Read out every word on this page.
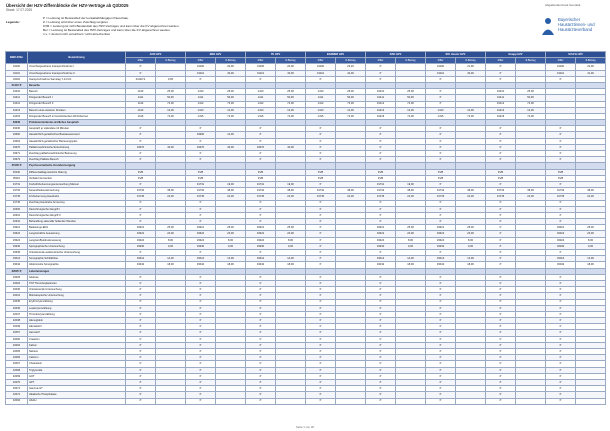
Übersicht der HZV-Ziffernblöcke der HZV-Verträge ab Q3/2025
Stand: 17.07.2025
Abgabestand laut Gematik
Legende:
P = Leistung ist Bestandteil der kontaktabhängigen Pauschale.
Z = Leistung wird über einen Zuschlag vergütet.
KVB = Leistung ist nicht Bestandteil des HZV-Vertrages und kann über die KV abgerechnet werden.
Ber = Leistung ist Bestandteil des HZV-Vertrages und kann über die KV abgerechnet werden.
n.v. = derzeit nicht vereinbart / nicht abrechenbar
Bayerischer
Hausärztinnen- und
Hausärzteverband
EBM-Ziffer	Bezeichnung	AOK HZV		BKK HZV		TK HZV		BARMER HZV		DAK HZV		IKK classic HZV		Knapp HZV		SVLFG HZV	
		Ziffer	€-Betrag	Ziffer	€-Betrag	Ziffer	€-Betrag	Ziffer	€-Betrag	Ziffer	€-Betrag	Ziffer	€-Betrag	Ziffer	€-Betrag	Ziffer	€-Betrag
01100	Unvorhergesehene Inanspruchnahme I	P		01100	20,00	01100	20,00	01100	23,20	P		01100	21,00	P		01100	22,00
01101	Unvorhergesehene Inanspruchnahme II	P		01101	40,00	01101	40,00	01101	42,00	P		01101	40,00	P		01101	41,00
01102	Inanspruchnahme Samstag 7-14 Uhr	01102 S	9,65	P		P		P		P		P		P		P	
01410 ff	Besuche																
01410	Besuch	1410	25,00	1410	25,00	1410	25,00	1410	25,00	01410	25,00	P		01410	25,00		
01411	Dringender Besuch I	1411	50,00	1411	50,00	1411	50,00	1411	50,00	01411	50,00	P		01411	50,00		
01412	Dringender Besuch II	1412	72,00	1412	72,00	1412	72,00	1412	72,00	01412	72,00	P		01412	72,00		
01413	Besuch eines weiteren Kranken	1413	12,00	1413	12,00	1413	12,00	1413	12,00	01413	12,00	1413	12,00	01413	12,00		
01415	Dringender Besuch in beschützenden Wohnheimen	1415	72,00	1415	72,00	1415	72,00	1415	72,00	01415	72,00	1415	72,00	01415	72,00		
03230	Problemorientiertes ärztliches Gespräch																
03230	Gespräch je vollendete 10 Minuten	P		P		P		P		P		P		P		P	
03360	Hausärztlich-geriatrisches Basisassessment	P		03360	14,00	P		P		P		P		P		P	
03362	Hausärztlich-geriatrischer Betreuungsplan	P		P		P		P		P		P		P		P	
03370	Palliativmedizinische Ersterhebung	03370	40,00	03370	40,00	03370	40,00	P		P		P		P		P	
03371	Zuschlag palliativmedizinische Betreuung	P		P		P		P		P		P		P		P	
03372	Zuschlag Palliativ-Besuch	P		P		P		P		P		P		P		P	
35100 ff	Psychosomatische Grundversorgung																
35100	Differentialdiagnostische Klärung	KVB		KVB		KVB		KVB		KVB		KVB		KVB		KVB	
35110	Verbale Intervention	KVB		KVB		KVB		KVB		KVB		KVB		KVB		KVB	
01731	Krebsfrüherkennungsuntersuchung Männer	P		01731	19,00	01731	19,00	P		01731	19,00	P		P		P	
01732	Gesundheitsuntersuchung	01732	38,00	01732	38,00	01732	38,00	01732	38,00	01732	38,00	01732	38,00	01732	38,00	01732	38,00
01745	Früherkennung Hautkrebs	01745	24,00	01745	24,00	01745	24,00	01745	24,00	01745	24,00	01745	24,00	01745	24,00	01745	24,00
01746	Zuschlag Hautkrebs-Screening	P		P		P		P		P		P		P		P	
02300	Kleinchirurgischer Eingriff I	P		P		P		P		P		P		P		P	
02301	Kleinchirurgischer Eingriff II	P		P		P		P		P		P		P		P	
02310	Behandlung sekundär heilender Wunden	P		P		P		P		P		P		P		P	
03321	Belastungs-EKG	03321	25,00	03321	25,00	03321	25,00	P		03321	25,00	03321	25,00	P		03321	25,00
03322	Langzeit-EKG Auswertung	03322	20,00	03322	20,00	03322	20,00	P		03322	20,00	03322	20,00	P		03322	20,00
03324	Langzeit-Blutdruckmessung	03324	8,00	03324	8,00	03324	8,00	P		03324	8,00	03324	8,00	P		03324	8,00
03330	Spirographische Untersuchung	03330	9,00	03330	9,00	03330	9,00	P		03330	9,00	03330	9,00	P		03330	9,00
03335	Orientierende audiometrische Untersuchung	P		P		P		P		P		P		P		P	
33012	Sonographie Schilddrüse	33012	14,00	33012	14,00	33012	14,00	P		33012	14,00	33012	14,00	P		33012	14,00
33042	Abdominelle Sonographie	33042	18,00	33042	18,00	33042	18,00	P		33042	18,00	33042	18,00	P		33042	18,00
32025 ff	Laborleistungen																
32025	Glukose	P		P		P		P		P		P		P		P	
32026	TPZ Thromboplastinzeit	P		P		P		P		P		P		P		P	
32030	Orientierende Untersuchung	P		P		P		P		P		P		P		P	
32031	Mikroskopische Untersuchung	P		P		P		P		P		P		P		P	
32035	Erythrozytenzählung	P		P		P		P		P		P		P		P	
32036	Leukozytenzählung	P		P		P		P		P		P		P		P	
32037	Thrombozytenzählung	P		P		P		P		P		P		P		P	
32038	Hämoglobin	P		P		P		P		P		P		P		P	
32039	Hämatokrit	P		P		P		P		P		P		P		P	
32057	Harnstoff	P		P		P		P		P		P		P		P	
32060	Creatinin	P		P		P		P		P		P		P		P	
32064	Kalium	P		P		P		P		P		P		P		P	
32065	Natrium	P		P		P		P		P		P		P		P	
32066	Calcium	P		P		P		P		P		P		P		P	
32067	Cholesterin	P		P		P		P		P		P		P		P	
32068	Triglyceride	P		P		P		P		P		P		P		P	
32069	GOT	P		P		P		P		P		P		P		P	
32070	GPT	P		P		P		P		P		P		P		P	
32071	Gamma-GT	P		P		P		P		P		P		P		P	
32072	Alkalische Phosphatase	P		P		P		P		P		P		P		P	
32094	HbA1c	P		P		P		P		P		P		P		P	
Seite 1 von 30
